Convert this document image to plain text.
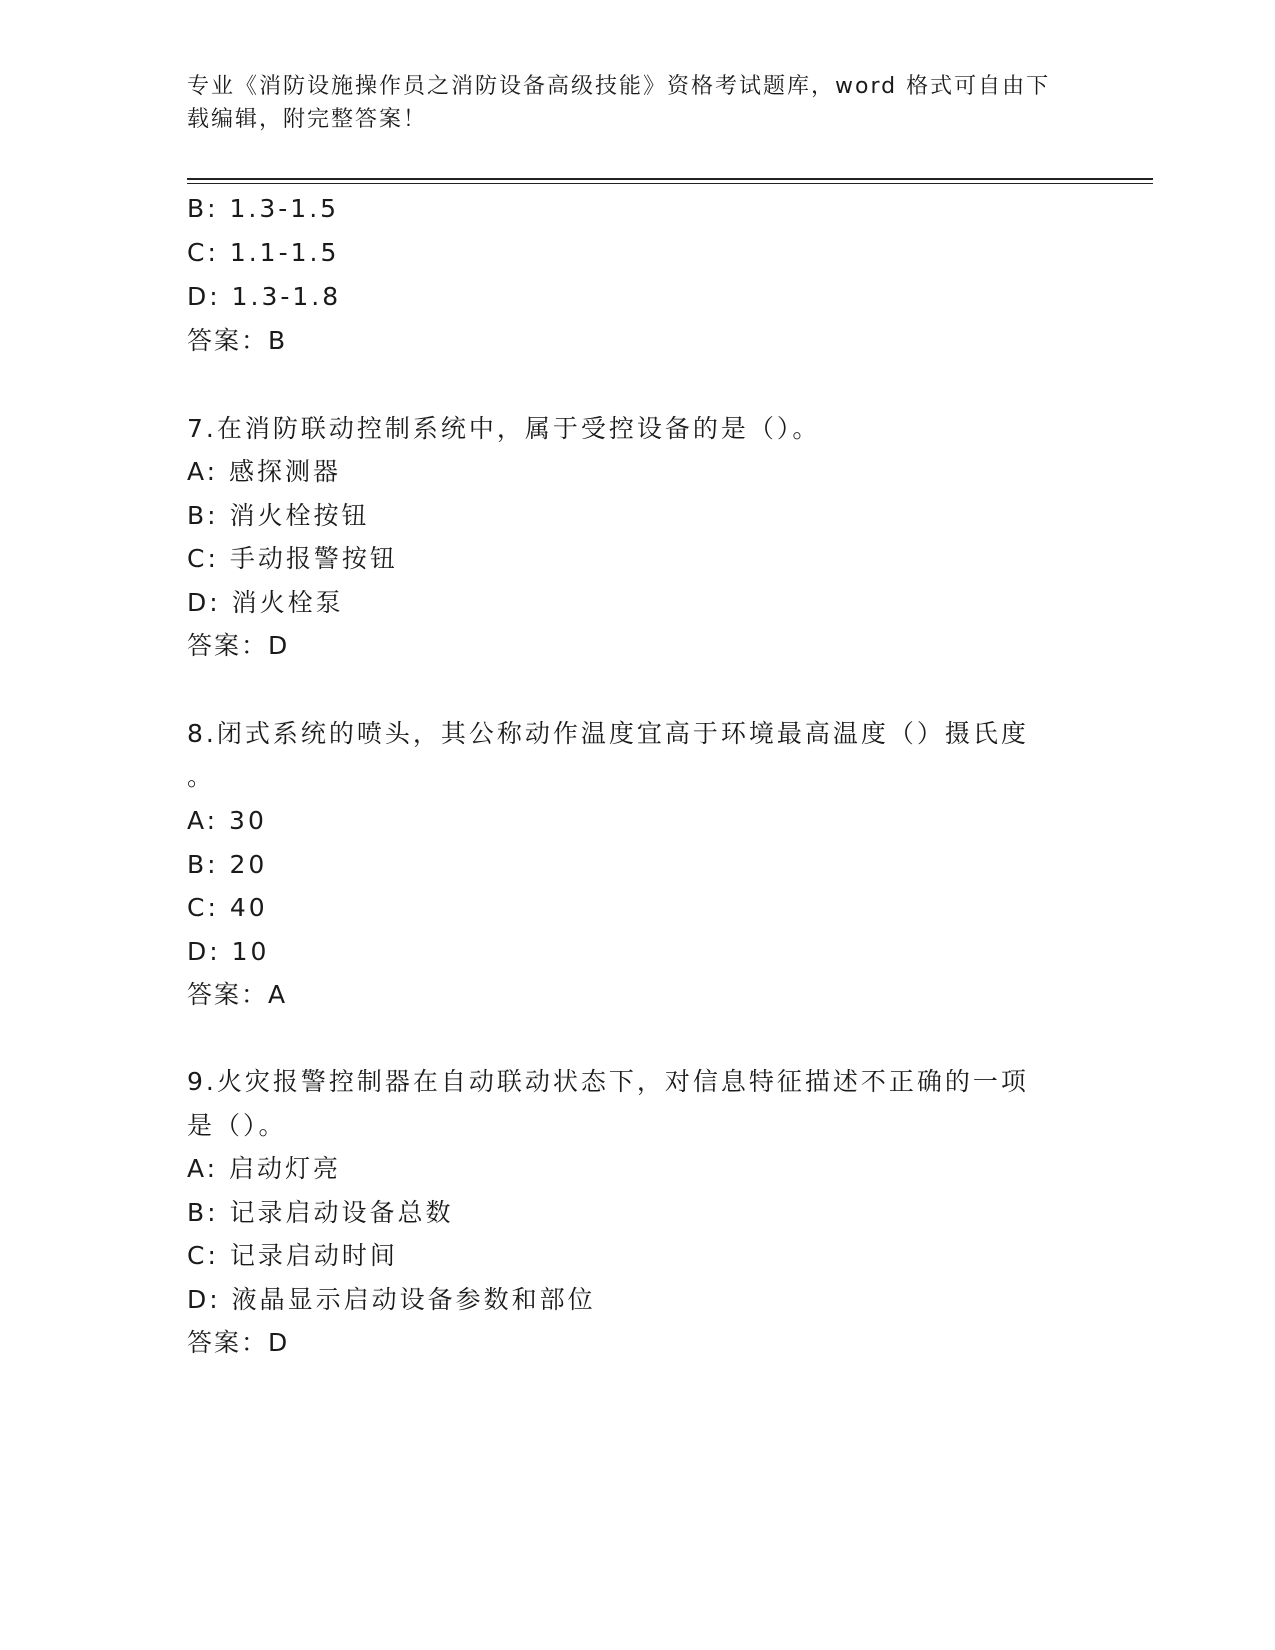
专业《消防设施操作员之消防设备高级技能》资格考试题库，word 格式可自由下
载编辑，附完整答案！
B: 1.3-1.5
C: 1.1-1.5
D: 1.3-1.8
答案：B
7.在消防联动控制系统中，属于受控设备的是（）。
A: 感探测器
B: 消火栓按钮
C: 手动报警按钮
D: 消火栓泵
答案：D
8.闭式系统的喷头，其公称动作温度宜高于环境最高温度（）摄氏度
。
A: 30
B: 20
C: 40
D: 10
答案：A
9.火灾报警控制器在自动联动状态下，对信息特征描述不正确的一项
是（）。
A: 启动灯亮
B: 记录启动设备总数
C: 记录启动时间
D: 液晶显示启动设备参数和部位
答案：D
